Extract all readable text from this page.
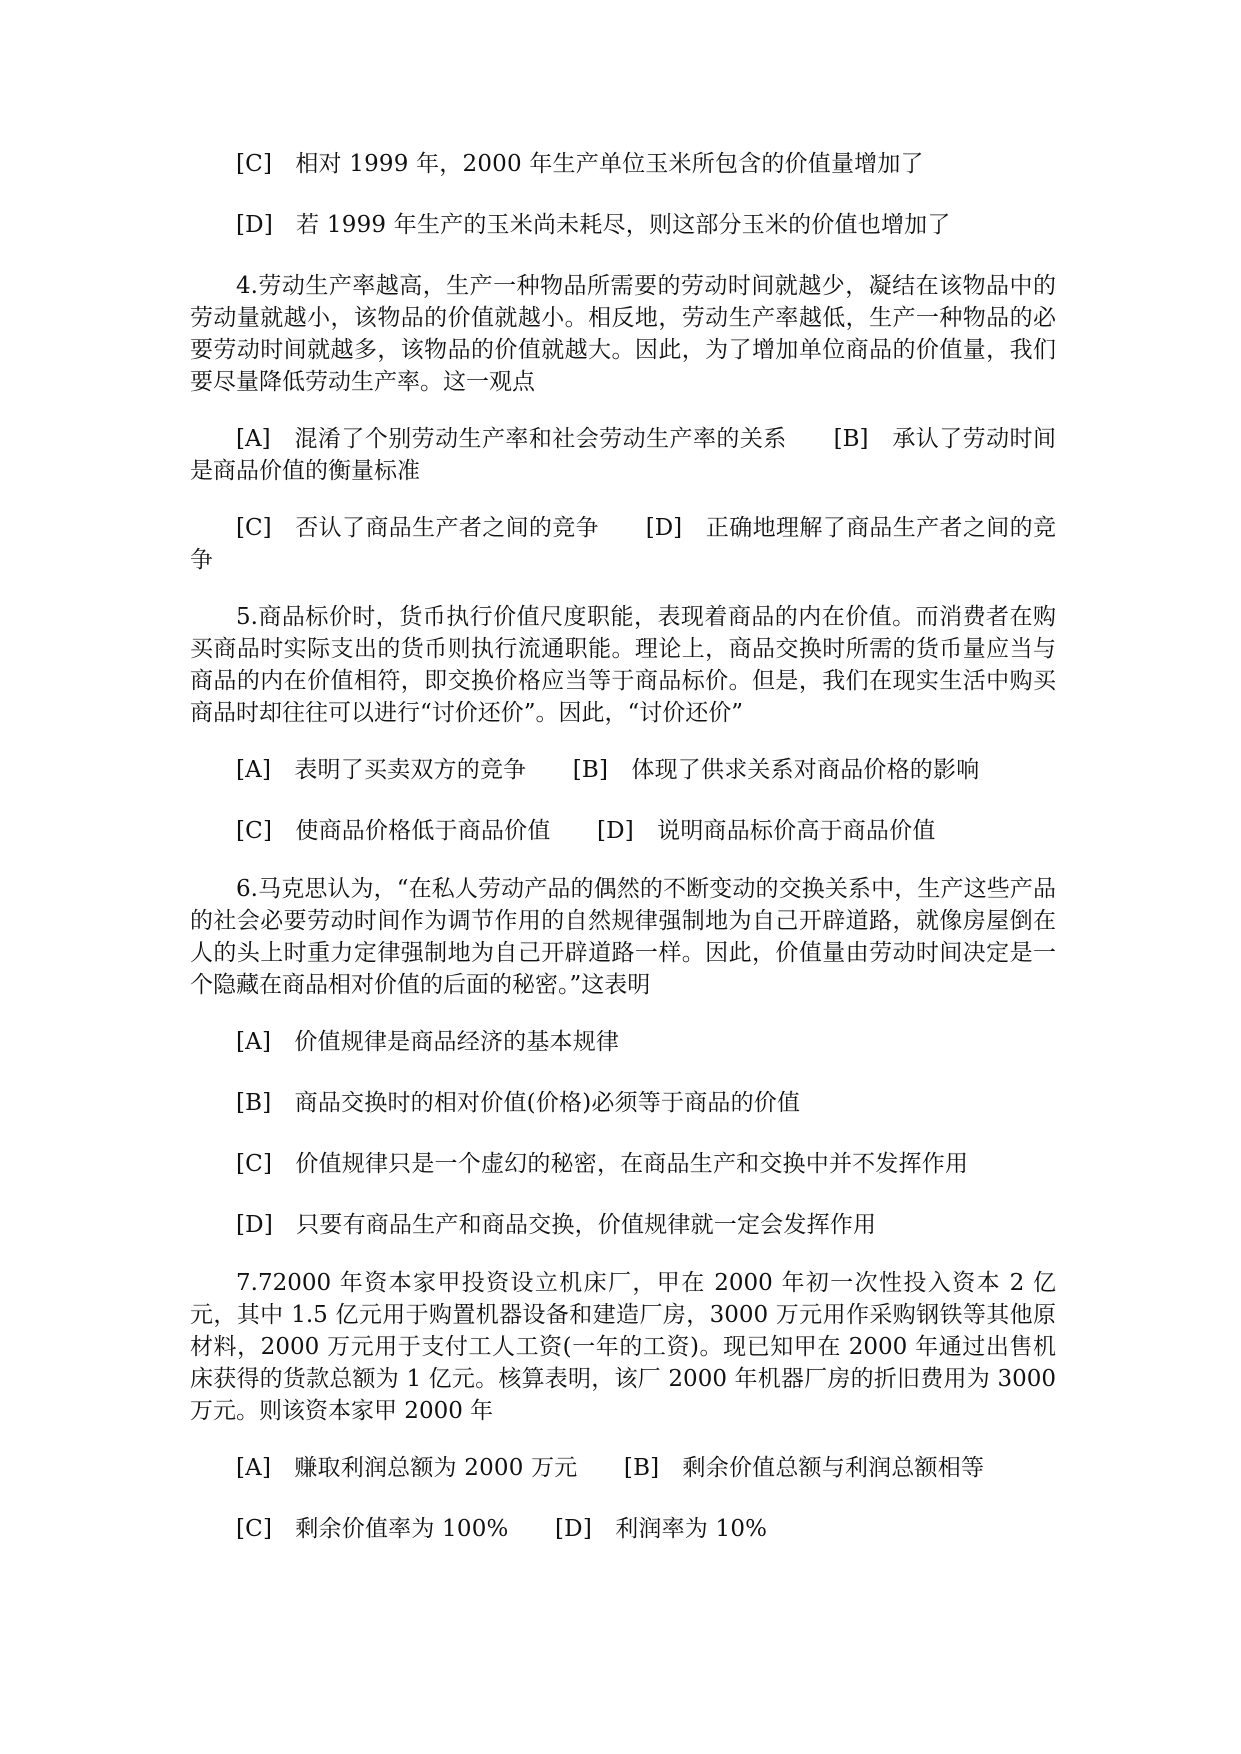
[C]　相对 1999 年，2000 年生产单位玉米所包含的价值量增加了
[D]　若 1999 年生产的玉米尚未耗尽，则这部分玉米的价值也增加了

4.劳动生产率越高，生产一种物品所需要的劳动时间就越少，凝结在该物品中的劳动量就越小，该物品的价值就越小。相反地，劳动生产率越低，生产一种物品的必要劳动时间就越多，该物品的价值就越大。因此，为了增加单位商品的价值量，我们要尽量降低劳动生产率。这一观点

[A]　混淆了个别劳动生产率和社会劳动生产率的关系　　[B]　承认了劳动时间是商品价值的衡量标准

[C]　否认了商品生产者之间的竞争　　[D]　正确地理解了商品生产者之间的竞争

5.商品标价时，货币执行价值尺度职能，表现着商品的内在价值。而消费者在购买商品时实际支出的货币则执行流通职能。理论上，商品交换时所需的货币量应当与商品的内在价值相符，即交换价格应当等于商品标价。但是，我们在现实生活中购买商品时却往往可以进行“讨价还价”。因此，“讨价还价”

[A]　表明了买卖双方的竞争　　[B]　体现了供求关系对商品价格的影响
[C]　使商品价格低于商品价值　　[D]　说明商品标价高于商品价值

6.马克思认为，“在私人劳动产品的偶然的不断变动的交换关系中，生产这些产品的社会必要劳动时间作为调节作用的自然规律强制地为自己开辟道路，就像房屋倒在人的头上时重力定律强制地为自己开辟道路一样。因此，价值量由劳动时间决定是一个隐藏在商品相对价值的后面的秘密。”这表明

[A]　价值规律是商品经济的基本规律
[B]　商品交换时的相对价值(价格)必须等于商品的价值
[C]　价值规律只是一个虚幻的秘密，在商品生产和交换中并不发挥作用
[D]　只要有商品生产和商品交换，价值规律就一定会发挥作用

7.72000 年资本家甲投资设立机床厂，甲在 2000 年初一次性投入资本 2 亿元，其中 1.5 亿元用于购置机器设备和建造厂房，3000 万元用作采购钢铁等其他原材料，2000 万元用于支付工人工资(一年的工资)。现已知甲在 2000 年通过出售机床获得的货款总额为 1 亿元。核算表明，该厂 2000 年机器厂房的折旧费用为 3000 万元。则该资本家甲 2000 年

[A]　赚取利润总额为 2000 万元　　[B]　剩余价值总额与利润总额相等
[C]　剩余价值率为 100%　　[D]　利润率为 10%
